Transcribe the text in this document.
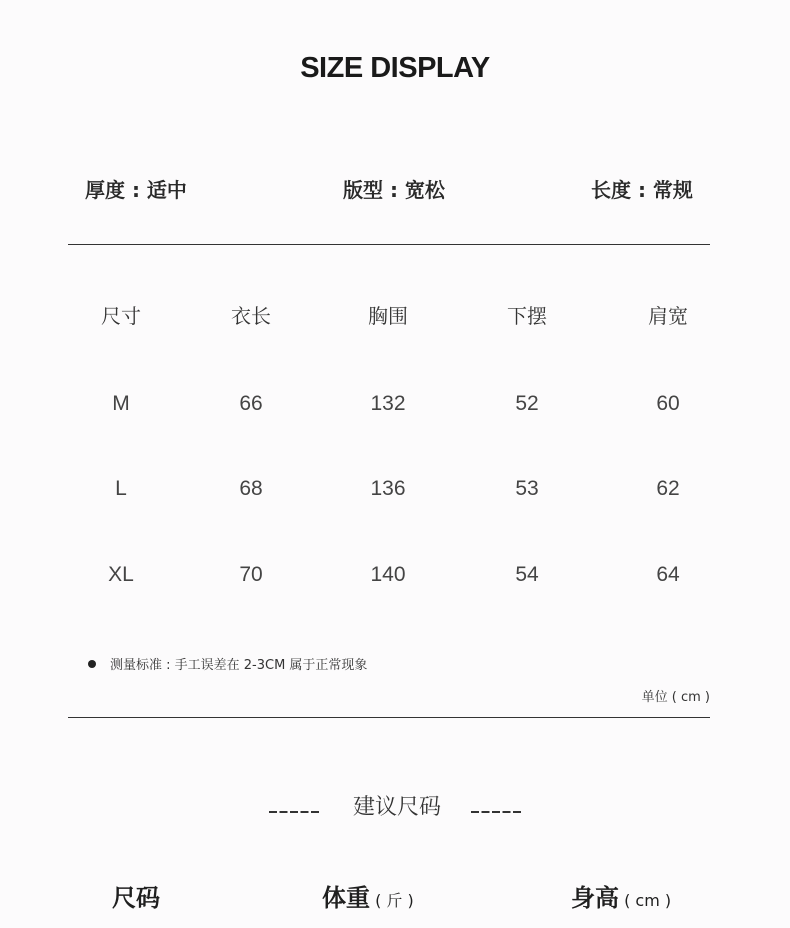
SIZE DISPLAY
厚度 : 适中	版型 : 宽松	长度 : 常规
尺寸	衣长	胸围	下摆	肩宽
M	66	132	52	60
L	68	136	53	62
XL	70	140	54	64
测量标准 : 手工误差在 2-3CM 属于正常现象
单位 ( cm )
建议尺码
尺码	体重 ( 斤 )	身高 ( cm )
